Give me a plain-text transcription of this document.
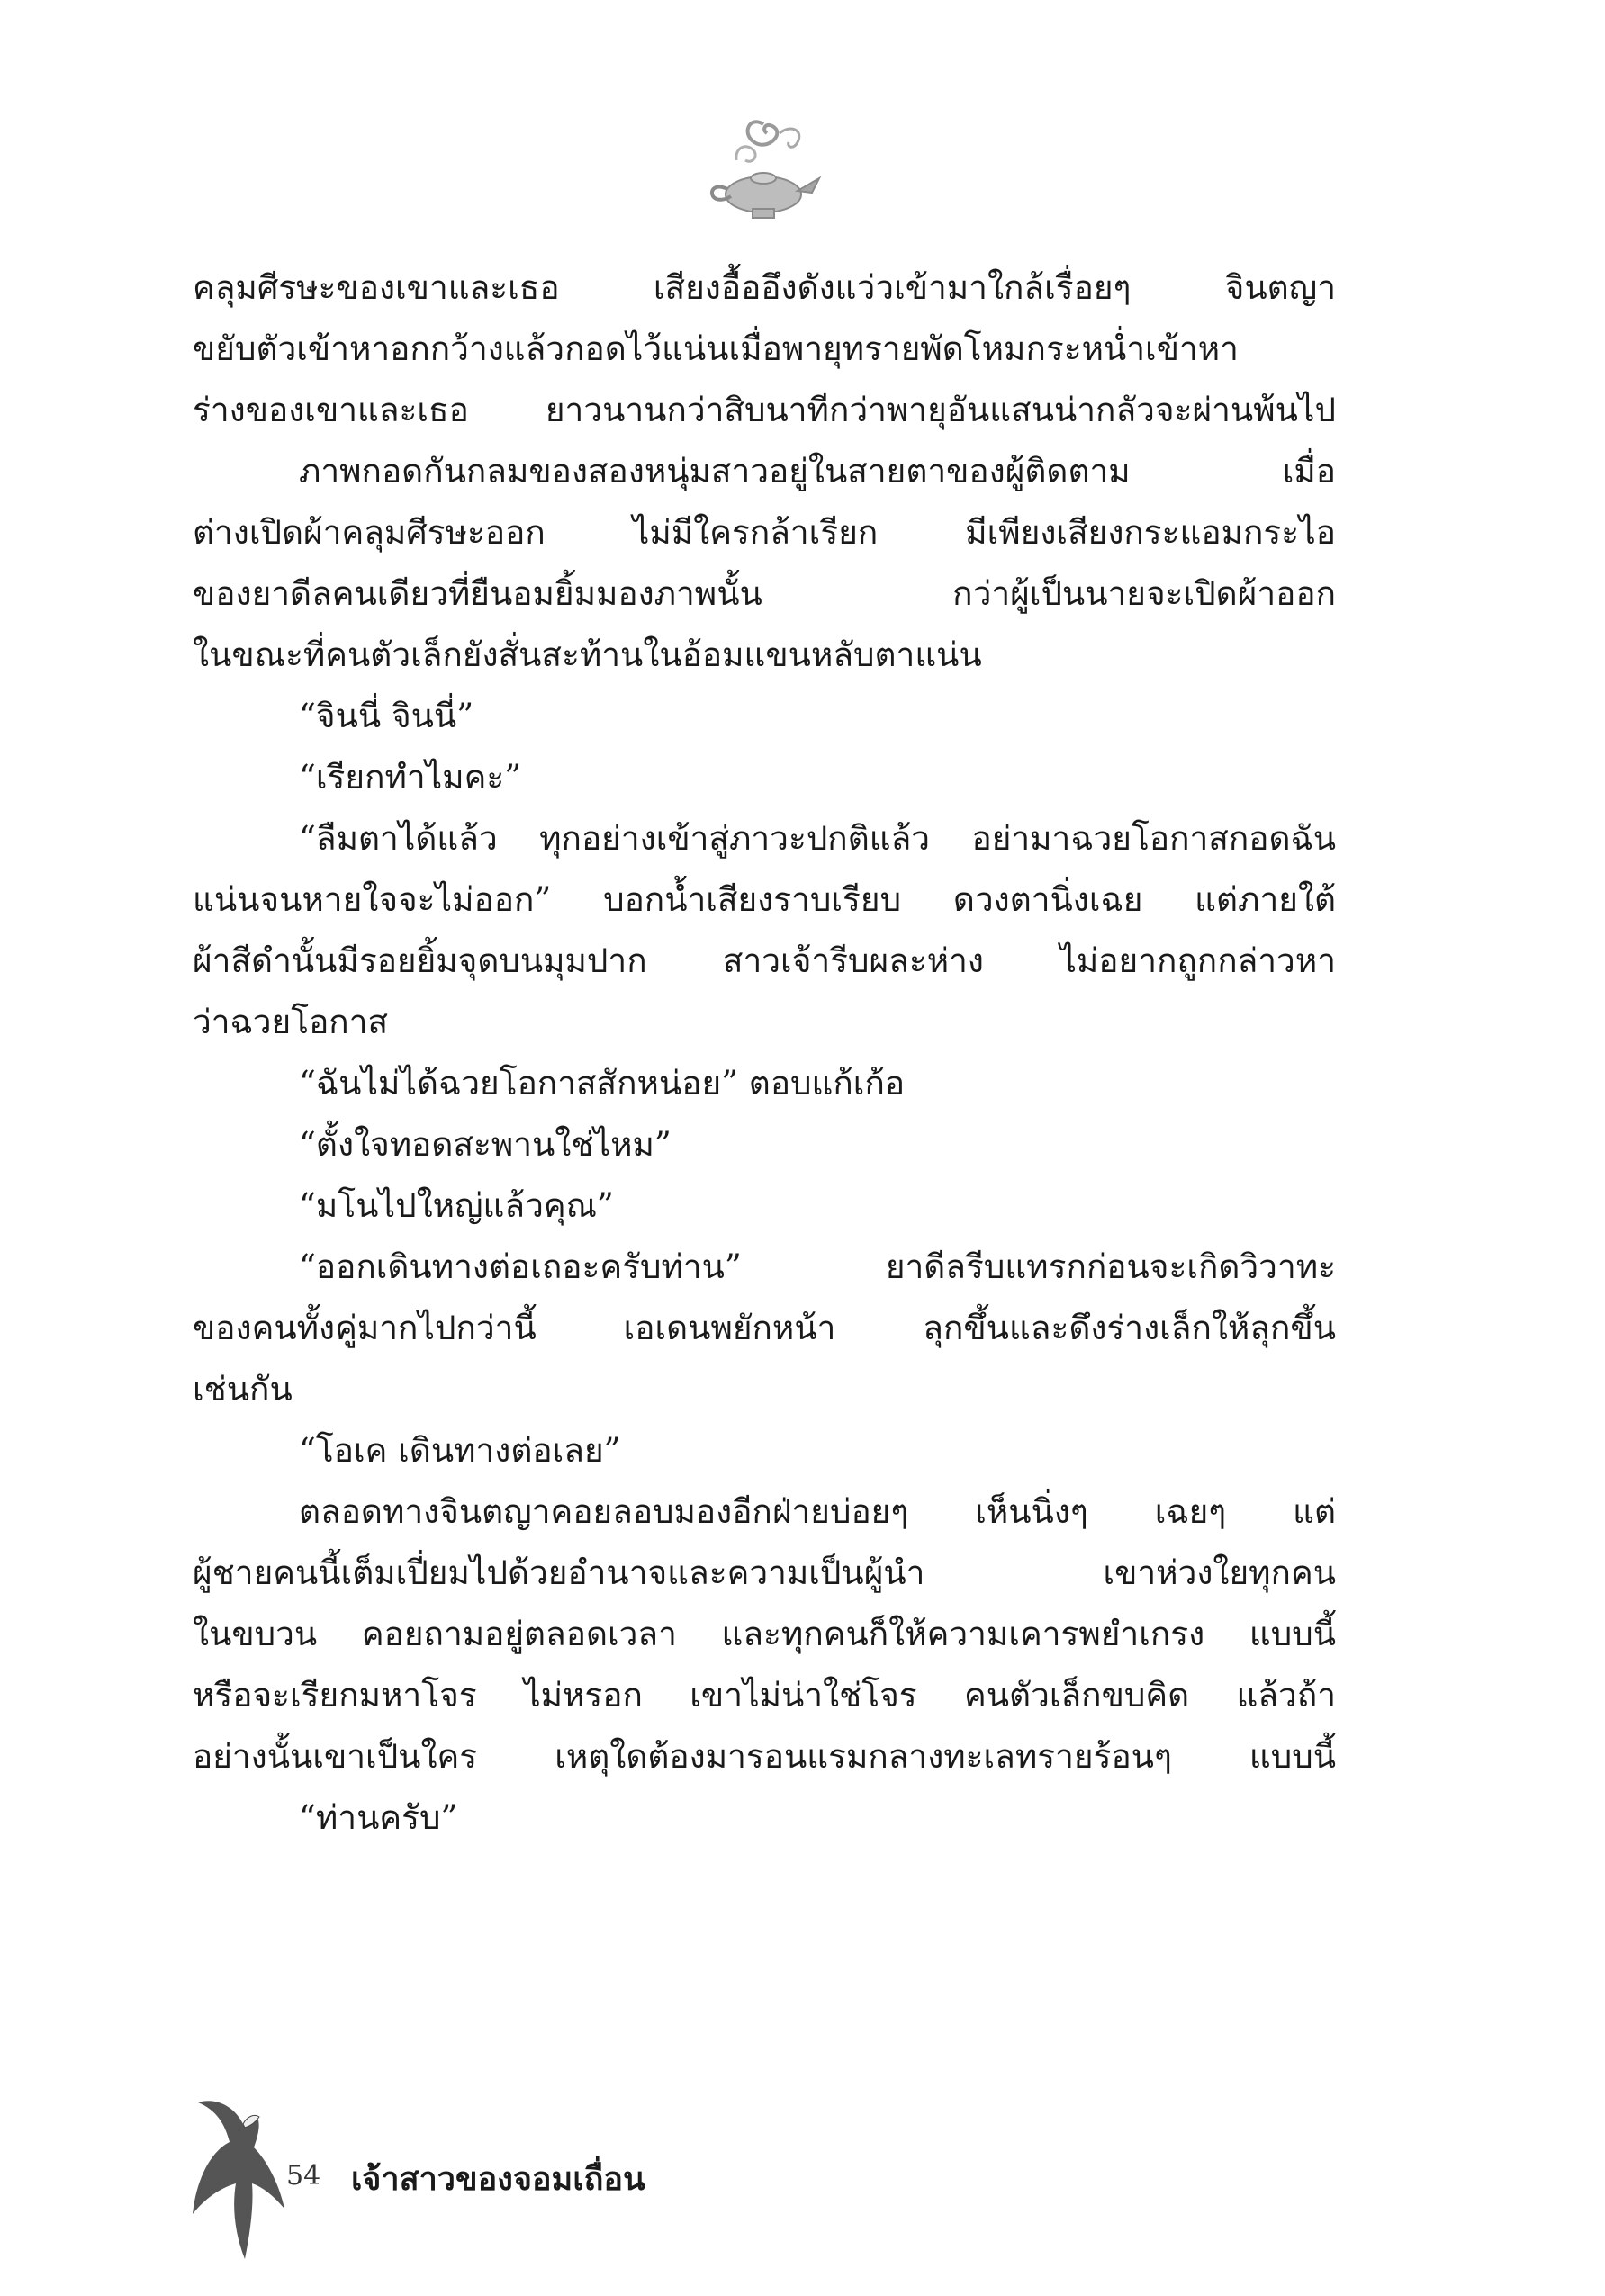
คลุมศีรษะของเขาและเธอ เสียงอื้ออึงดังแว่วเข้ามาใกล้เรื่อยๆ จินตญา
ขยับตัวเข้าหาอกกว้างแล้วกอดไว้แน่นเมื่อพายุทรายพัดโหมกระหน่ำเข้าหา
ร่างของเขาและเธอ ยาวนานกว่าสิบนาทีกว่าพายุอันแสนน่ากลัวจะผ่านพ้นไป
ภาพกอดกันกลมของสองหนุ่มสาวอยู่ในสายตาของผู้ติดตาม เมื่อ
ต่างเปิดผ้าคลุมศีรษะออก ไม่มีใครกล้าเรียก มีเพียงเสียงกระแอมกระไอ
ของยาดีลคนเดียวที่ยืนอมยิ้มมองภาพนั้น กว่าผู้เป็นนายจะเปิดผ้าออก
ในขณะที่คนตัวเล็กยังสั่นสะท้านในอ้อมแขนหลับตาแน่น
“จินนี่ จินนี่”
“เรียกทำไมคะ”
“ลืมตาได้แล้ว ทุกอย่างเข้าสู่ภาวะปกติแล้ว อย่ามาฉวยโอกาสกอดฉัน
แน่นจนหายใจจะไม่ออก” บอกน้ำเสียงราบเรียบ ดวงตานิ่งเฉย แต่ภายใต้
ผ้าสีดำนั้นมีรอยยิ้มจุดบนมุมปาก สาวเจ้ารีบผละห่าง ไม่อยากถูกกล่าวหา
ว่าฉวยโอกาส
“ฉันไม่ได้ฉวยโอกาสสักหน่อย” ตอบแก้เก้อ
“ตั้งใจทอดสะพานใช่ไหม”
“มโนไปใหญ่แล้วคุณ”
“ออกเดินทางต่อเถอะครับท่าน” ยาดีลรีบแทรกก่อนจะเกิดวิวาทะ
ของคนทั้งคู่มากไปกว่านี้ เอเดนพยักหน้า ลุกขึ้นและดึงร่างเล็กให้ลุกขึ้น
เช่นกัน
“โอเค เดินทางต่อเลย”
ตลอดทางจินตญาคอยลอบมองอีกฝ่ายบ่อยๆ เห็นนิ่งๆ เฉยๆ แต่
ผู้ชายคนนี้เต็มเปี่ยมไปด้วยอำนาจและความเป็นผู้นำ เขาห่วงใยทุกคน
ในขบวน คอยถามอยู่ตลอดเวลา และทุกคนก็ให้ความเคารพยำเกรง แบบนี้
หรือจะเรียกมหาโจร ไม่หรอก เขาไม่น่าใช่โจร คนตัวเล็กขบคิด แล้วถ้า
อย่างนั้นเขาเป็นใคร เหตุใดต้องมารอนแรมกลางทะเลทรายร้อนๆ แบบนี้
“ท่านครับ”
54 เจ้าสาวของจอมเถื่อน
